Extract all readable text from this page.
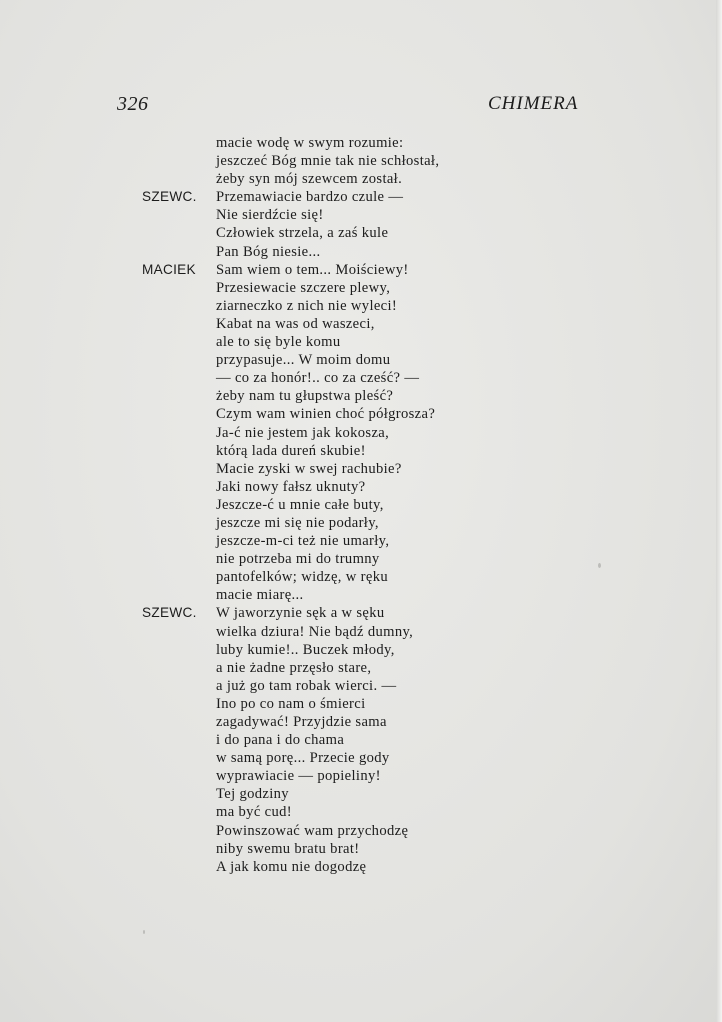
326	CHIMERA
macie wodę w swym rozumie:
jeszczeć Bóg mnie tak nie schłostał,
żeby syn mój szewcem został.
SZEWC. Przemawiacie bardzo czule —
Nie sierdźcie się!
Człowiek strzela, a zaś kule
Pan Bóg niesie...
MACIEK Sam wiem o tem... Moiściewy!
Przesiewacie szczere plewy,
ziarneczko z nich nie wyleci!
Kabat na was od waszeci,
ale to się byle komu
przypasuje... W moim domu
— co za honór!.. co za cześć? —
żeby nam tu głupstwa pleść?
Czym wam winien choć półgrosza?
Ja-ć nie jestem jak kokosza,
którą lada dureń skubie!
Macie zyski w swej rachubie?
Jaki nowy fałsz uknuty?
Jeszcze-ć u mnie całe buty,
jeszcze mi się nie podarły,
jeszcze-m-ci też nie umarły,
nie potrzeba mi do trumny
pantofelków; widzę, w ręku
macie miarę...
SZEWC. W jaworzynie sęk a w sęku
wielka dziura! Nie bądź dumny,
luby kumie!.. Buczek młody,
a nie żadne przęsło stare,
a już go tam robak wierci. —
Ino po co nam o śmierci
zagadywać! Przyjdzie sama
i do pana i do chama
w samą porę... Przecie gody
wyprawiacie — popieliny!
Tej godziny
ma być cud!
Powinszować wam przychodzę
niby swemu bratu brat!
A jak komu nie dogodzę
